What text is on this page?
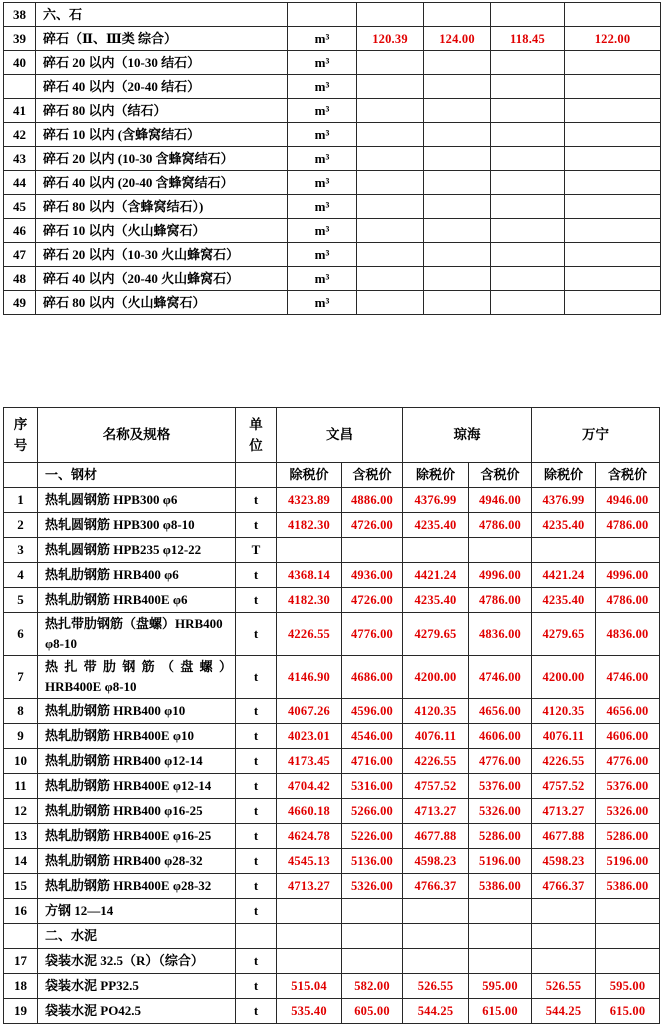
38	六、石					
39	碎石（Ⅱ、Ⅲ类 综合）	m³	120.39	124.00	118.45	122.00
40	碎石 20 以内（10-30 结石）	m³				
	碎石 40 以内（20-40 结石）	m³				
41	碎石 80 以内（结石）	m³				
42	碎石 10 以内 (含蜂窝结石）	m³				
43	碎石 20 以内 (10-30 含蜂窝结石）	m³				
44	碎石 40 以内 (20-40 含蜂窝结石）	m³				
45	碎石 80 以内（含蜂窝结石）)	m³				
46	碎石 10 以内（火山蜂窝石）	m³				
47	碎石 20 以内（10-30 火山蜂窝石）	m³				
48	碎石 40 以内（20-40 火山蜂窝石）	m³				
49	碎石 80 以内（火山蜂窝石）	m³				
序号	名称及规格	单位	文昌		琼海		万宁	
	一、钢材		除税价	含税价	除税价	含税价	除税价	含税价
1	热轧圆钢筋 HPB300 φ6	t	4323.89	4886.00	4376.99	4946.00	4376.99	4946.00
2	热轧圆钢筋 HPB300 φ8-10	t	4182.30	4726.00	4235.40	4786.00	4235.40	4786.00
3	热轧圆钢筋 HPB235 φ12-22	T						
4	热轧肋钢筋 HRB400 φ6	t	4368.14	4936.00	4421.24	4996.00	4421.24	4996.00
5	热轧肋钢筋 HRB400E φ6	t	4182.30	4726.00	4235.40	4786.00	4235.40	4786.00
6	热扎带肋钢筋（盘螺）HRB400 φ8-10	t	4226.55	4776.00	4279.65	4836.00	4279.65	4836.00
7	热扎带肋钢筋（盘螺） HRB400E φ8-10	t	4146.90	4686.00	4200.00	4746.00	4200.00	4746.00
8	热轧肋钢筋 HRB400 φ10	t	4067.26	4596.00	4120.35	4656.00	4120.35	4656.00
9	热轧肋钢筋 HRB400E φ10	t	4023.01	4546.00	4076.11	4606.00	4076.11	4606.00
10	热轧肋钢筋 HRB400 φ12-14	t	4173.45	4716.00	4226.55	4776.00	4226.55	4776.00
11	热轧肋钢筋 HRB400E φ12-14	t	4704.42	5316.00	4757.52	5376.00	4757.52	5376.00
12	热轧肋钢筋 HRB400 φ16-25	t	4660.18	5266.00	4713.27	5326.00	4713.27	5326.00
13	热轧肋钢筋 HRB400E φ16-25	t	4624.78	5226.00	4677.88	5286.00	4677.88	5286.00
14	热轧肋钢筋 HRB400 φ28-32	t	4545.13	5136.00	4598.23	5196.00	4598.23	5196.00
15	热轧肋钢筋 HRB400E φ28-32	t	4713.27	5326.00	4766.37	5386.00	4766.37	5386.00
16	方钢 12—14	t						
	二、水泥							
17	袋装水泥 32.5（R）（综合）	t						
18	袋装水泥 PP32.5	t	515.04	582.00	526.55	595.00	526.55	595.00
19	袋装水泥 PO42.5	t	535.40	605.00	544.25	615.00	544.25	615.00
